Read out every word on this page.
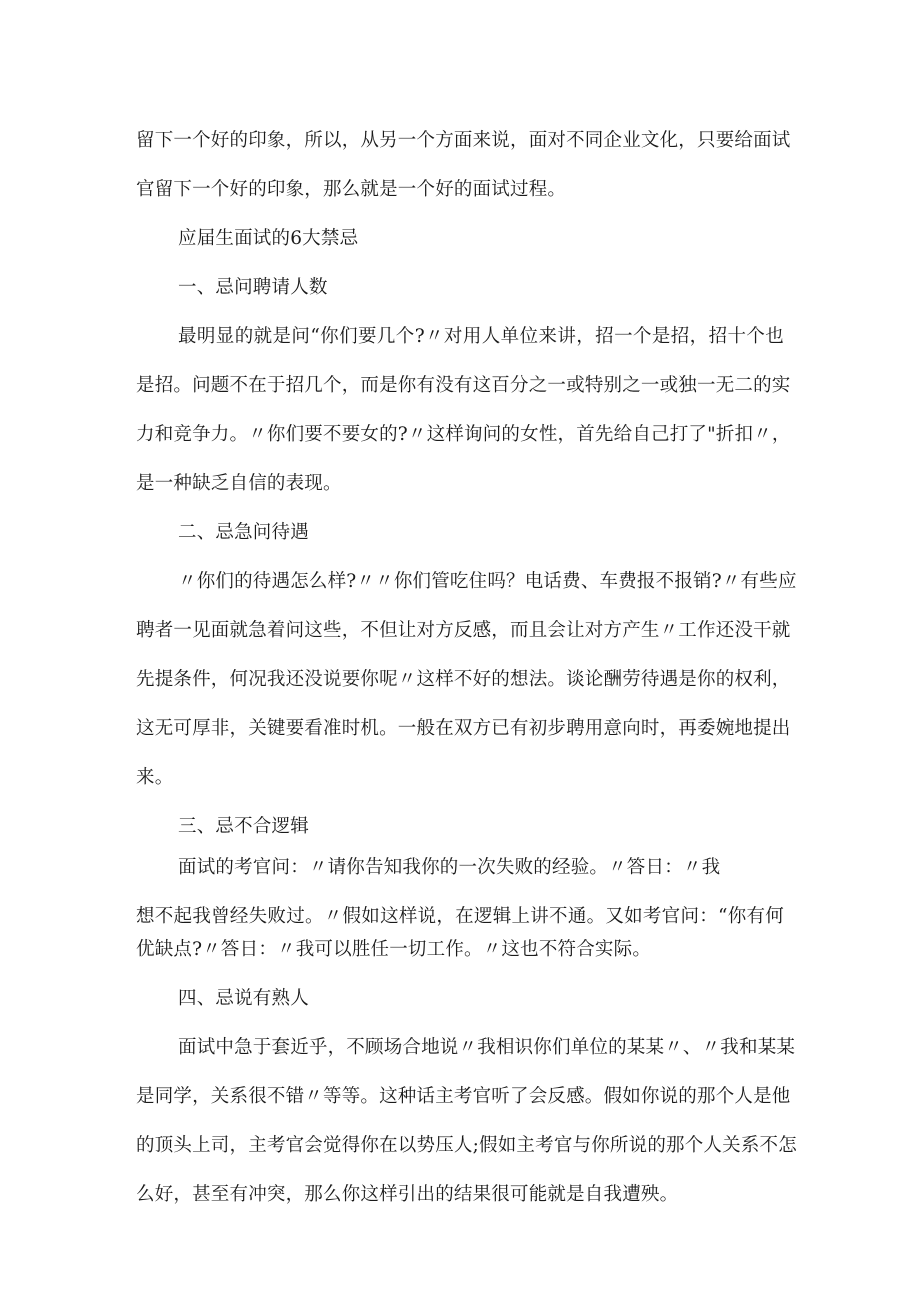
留下一个好的印象，所以，从另一个方面来说，面对不同企业文化，只要给面试
官留下一个好的印象，那么就是一个好的面试过程。
应届生面试的6大禁忌
一、忌问聘请人数
最明显的就是问“你们要几个?〃对用人单位来讲，招一个是招，招十个也
是招。问题不在于招几个，而是你有没有这百分之一或特别之一或独一无二的实
力和竞争力。〃你们要不要女的?〃这样询问的女性，首先给自己打了"折扣〃，
是一种缺乏自信的表现。
二、忌急问待遇
〃你们的待遇怎么样?〃〃你们管吃住吗？电话费、车费报不报销?〃有些应
聘者一见面就急着问这些，不但让对方反感，而且会让对方产生〃工作还没干就
先提条件，何况我还没说要你呢〃这样不好的想法。谈论酬劳待遇是你的权利，
这无可厚非，关键要看准时机。一般在双方已有初步聘用意向时，再委婉地提出
来。
三、忌不合逻辑
面试的考官问：〃请你告知我你的一次失败的经验。〃答日：〃我
想不起我曾经失败过。〃假如这样说，在逻辑上讲不通。又如考官问：“你有何
优缺点?〃答日：〃我可以胜任一切工作。〃这也不符合实际。
四、忌说有熟人
面试中急于套近乎，不顾场合地说〃我相识你们单位的某某〃、〃我和某某
是同学，关系很不错〃等等。这种话主考官听了会反感。假如你说的那个人是他
的顶头上司，主考官会觉得你在以势压人;假如主考官与你所说的那个人关系不怎
么好，甚至有冲突，那么你这样引出的结果很可能就是自我遭殃。
